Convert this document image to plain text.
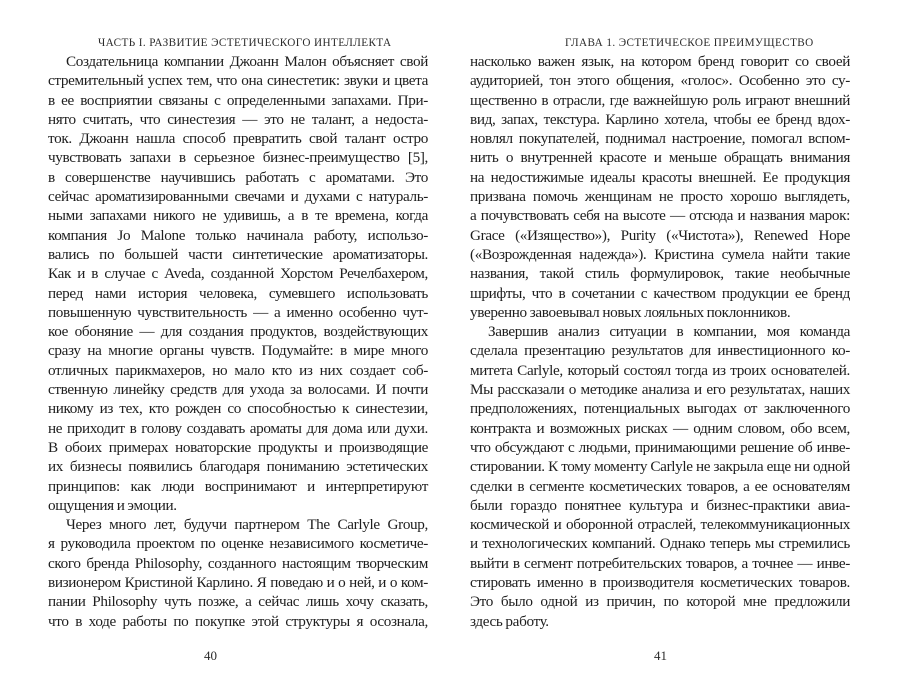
ЧАСТЬ I. РАЗВИТИЕ ЭСТЕТИЧЕСКОГО ИНТЕЛЛЕКТА
Создательница компании Джоанн Малон объясняет свой
стремительный успех тем, что она синестетик: звуки и цвета
в ее восприятии связаны с определенными запахами. При-
нято считать, что синестезия — это не талант, а недоста-
ток. Джоанн нашла способ превратить свой талант остро
чувствовать запахи в серьезное бизнес-преимущество [5],
в совершенстве научившись работать с ароматами. Это
сейчас ароматизированными свечами и духами с натураль-
ными запахами никого не удивишь, а в те времена, когда
компания Jo Malone только начинала работу, использо-
вались по большей части синтетические ароматизаторы.
Как и в случае с Aveda, созданной Хорстом Речелбахером,
перед нами история человека, сумевшего использовать
повышенную чувствительность — а именно особенно чут-
кое обоняние — для создания продуктов, воздействующих
сразу на многие органы чувств. Подумайте: в мире много
отличных парикмахеров, но мало кто из них создает соб-
ственную линейку средств для ухода за волосами. И почти
никому из тех, кто рожден со способностью к синестезии,
не приходит в голову создавать ароматы для дома или духи.
В обоих примерах новаторские продукты и производящие
их бизнесы появились благодаря пониманию эстетических
принципов: как люди воспринимают и интерпретируют
ощущения и эмоции.
Через много лет, будучи партнером The Carlyle Group,
я руководила проектом по оценке независимого косметиче-
ского бренда Philosophy, созданного настоящим творческим
визионером Кристиной Карлино. Я поведаю и о ней, и о ком-
пании Philosophy чуть позже, а сейчас лишь хочу сказать,
что в ходе работы по покупке этой структуры я осознала,
40
ГЛАВА 1. ЭСТЕТИЧЕСКОЕ ПРЕИМУЩЕСТВО
насколько важен язык, на котором бренд говорит со своей
аудиторией, тон этого общения, «голос». Особенно это су-
щественно в отрасли, где важнейшую роль играют внешний
вид, запах, текстура. Карлино хотела, чтобы ее бренд вдох-
новлял покупателей, поднимал настроение, помогал вспом-
нить о внутренней красоте и меньше обращать внимания
на недостижимые идеалы красоты внешней. Ее продукция
призвана помочь женщинам не просто хорошо выглядеть,
а почувствовать себя на высоте — отсюда и названия марок:
Grace («Изящество»), Purity («Чистота»), Renewed Hope
(«Возрожденная надежда»). Кристина сумела найти такие
названия, такой стиль формулировок, такие необычные
шрифты, что в сочетании с качеством продукции ее бренд
уверенно завоевывал новых лояльных поклонников.
Завершив анализ ситуации в компании, моя команда
сделала презентацию результатов для инвестиционного ко-
митета Carlyle, который состоял тогда из троих основателей.
Мы рассказали о методике анализа и его результатах, наших
предположениях, потенциальных выгодах от заключенного
контракта и возможных рисках — одним словом, обо всем,
что обсуждают с людьми, принимающими решение об инве-
стировании. К тому моменту Carlyle не закрыла еще ни одной
сделки в сегменте косметических товаров, а ее основателям
были гораздо понятнее культура и бизнес-практики авиа-
космической и оборонной отраслей, телекоммуникационных
и технологических компаний. Однако теперь мы стремились
выйти в сегмент потребительских товаров, а точнее — инве-
стировать именно в производителя косметических товаров.
Это было одной из причин, по которой мне предложили
здесь работу.
41
